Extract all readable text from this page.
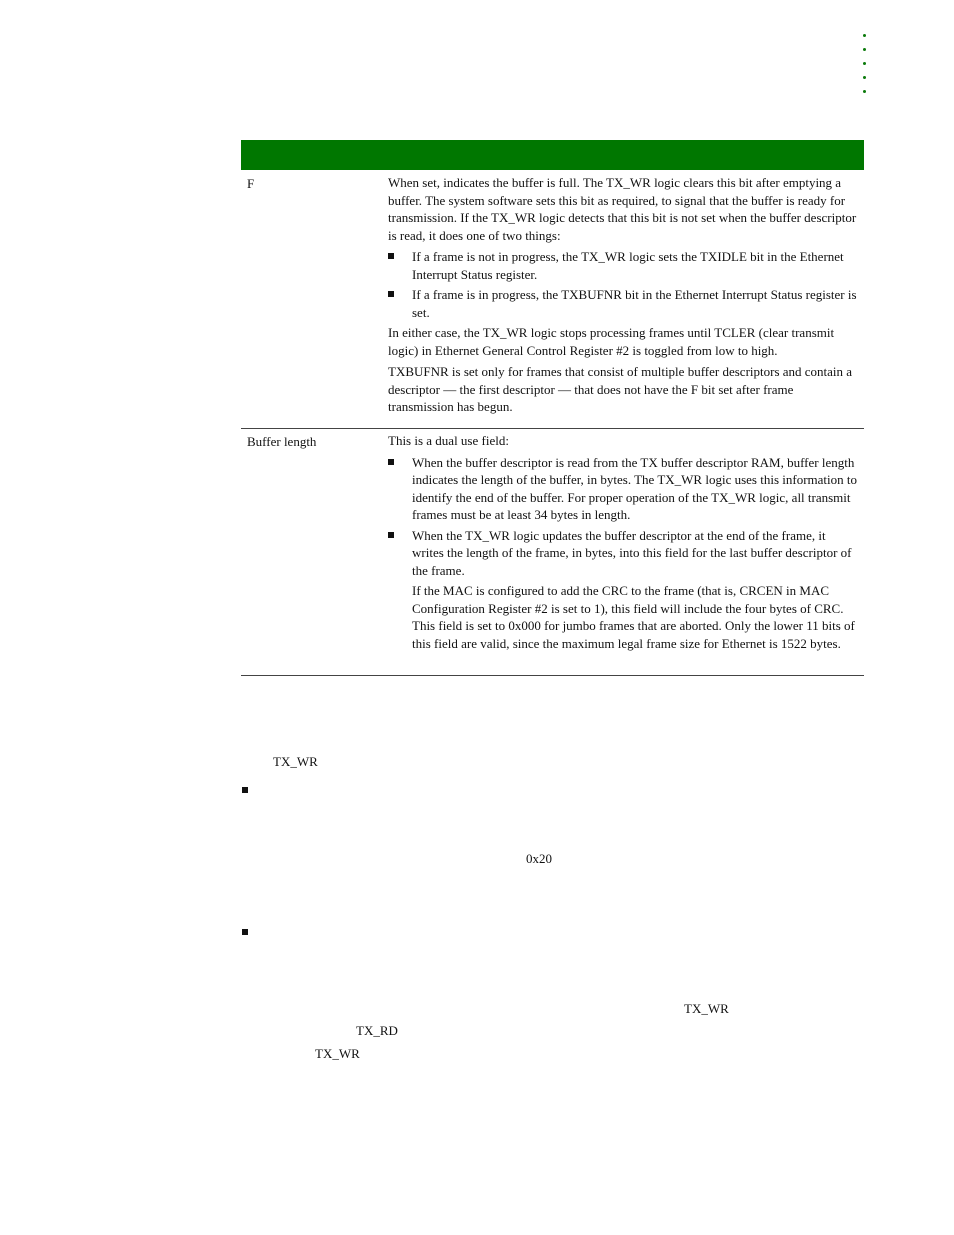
F	When set, indicates the buffer is full. The TX_WR logic clears this bit after emptying a buffer. The system software sets this bit as required, to signal that the buffer is ready for transmission. If the TX_WR logic detects that this bit is not set when the buffer descriptor is read, it does one of two things:

If a frame is not in progress, the TX_WR logic sets the TXIDLE bit in the Ethernet Interrupt Status register.
If a frame is in progress, the TXBUFNR bit in the Ethernet Interrupt Status register is set.

In either case, the TX_WR logic stops processing frames until TCLER (clear transmit logic) in Ethernet General Control Register #2 is toggled from low to high.

TXBUFNR is set only for frames that consist of multiple buffer descriptors and contain a descriptor — the first descriptor — that does not have the F bit set after frame transmission has begun.

Buffer length	This is a dual use field:

When the buffer descriptor is read from the TX buffer descriptor RAM, buffer length indicates the length of the buffer, in bytes. The TX_WR logic uses this information to identify the end of the buffer. For proper operation of the TX_WR logic, all transmit frames must be at least 34 bytes in length.
When the TX_WR logic updates the buffer descriptor at the end of the frame, it writes the length of the frame, in bytes, into this field for the last buffer descriptor of the frame.

If the MAC is configured to add the CRC to the frame (that is, CRCEN in MAC Configuration Register #2 is set to 1), this field will include the four bytes of CRC. This field is set to 0x000 for jumbo frames that are aborted. Only the lower 11 bits of this field are valid, since the maximum legal frame size for Ethernet is 1522 bytes.

TX_WR
0x20
TX_WR
TX_RD
TX_WR
